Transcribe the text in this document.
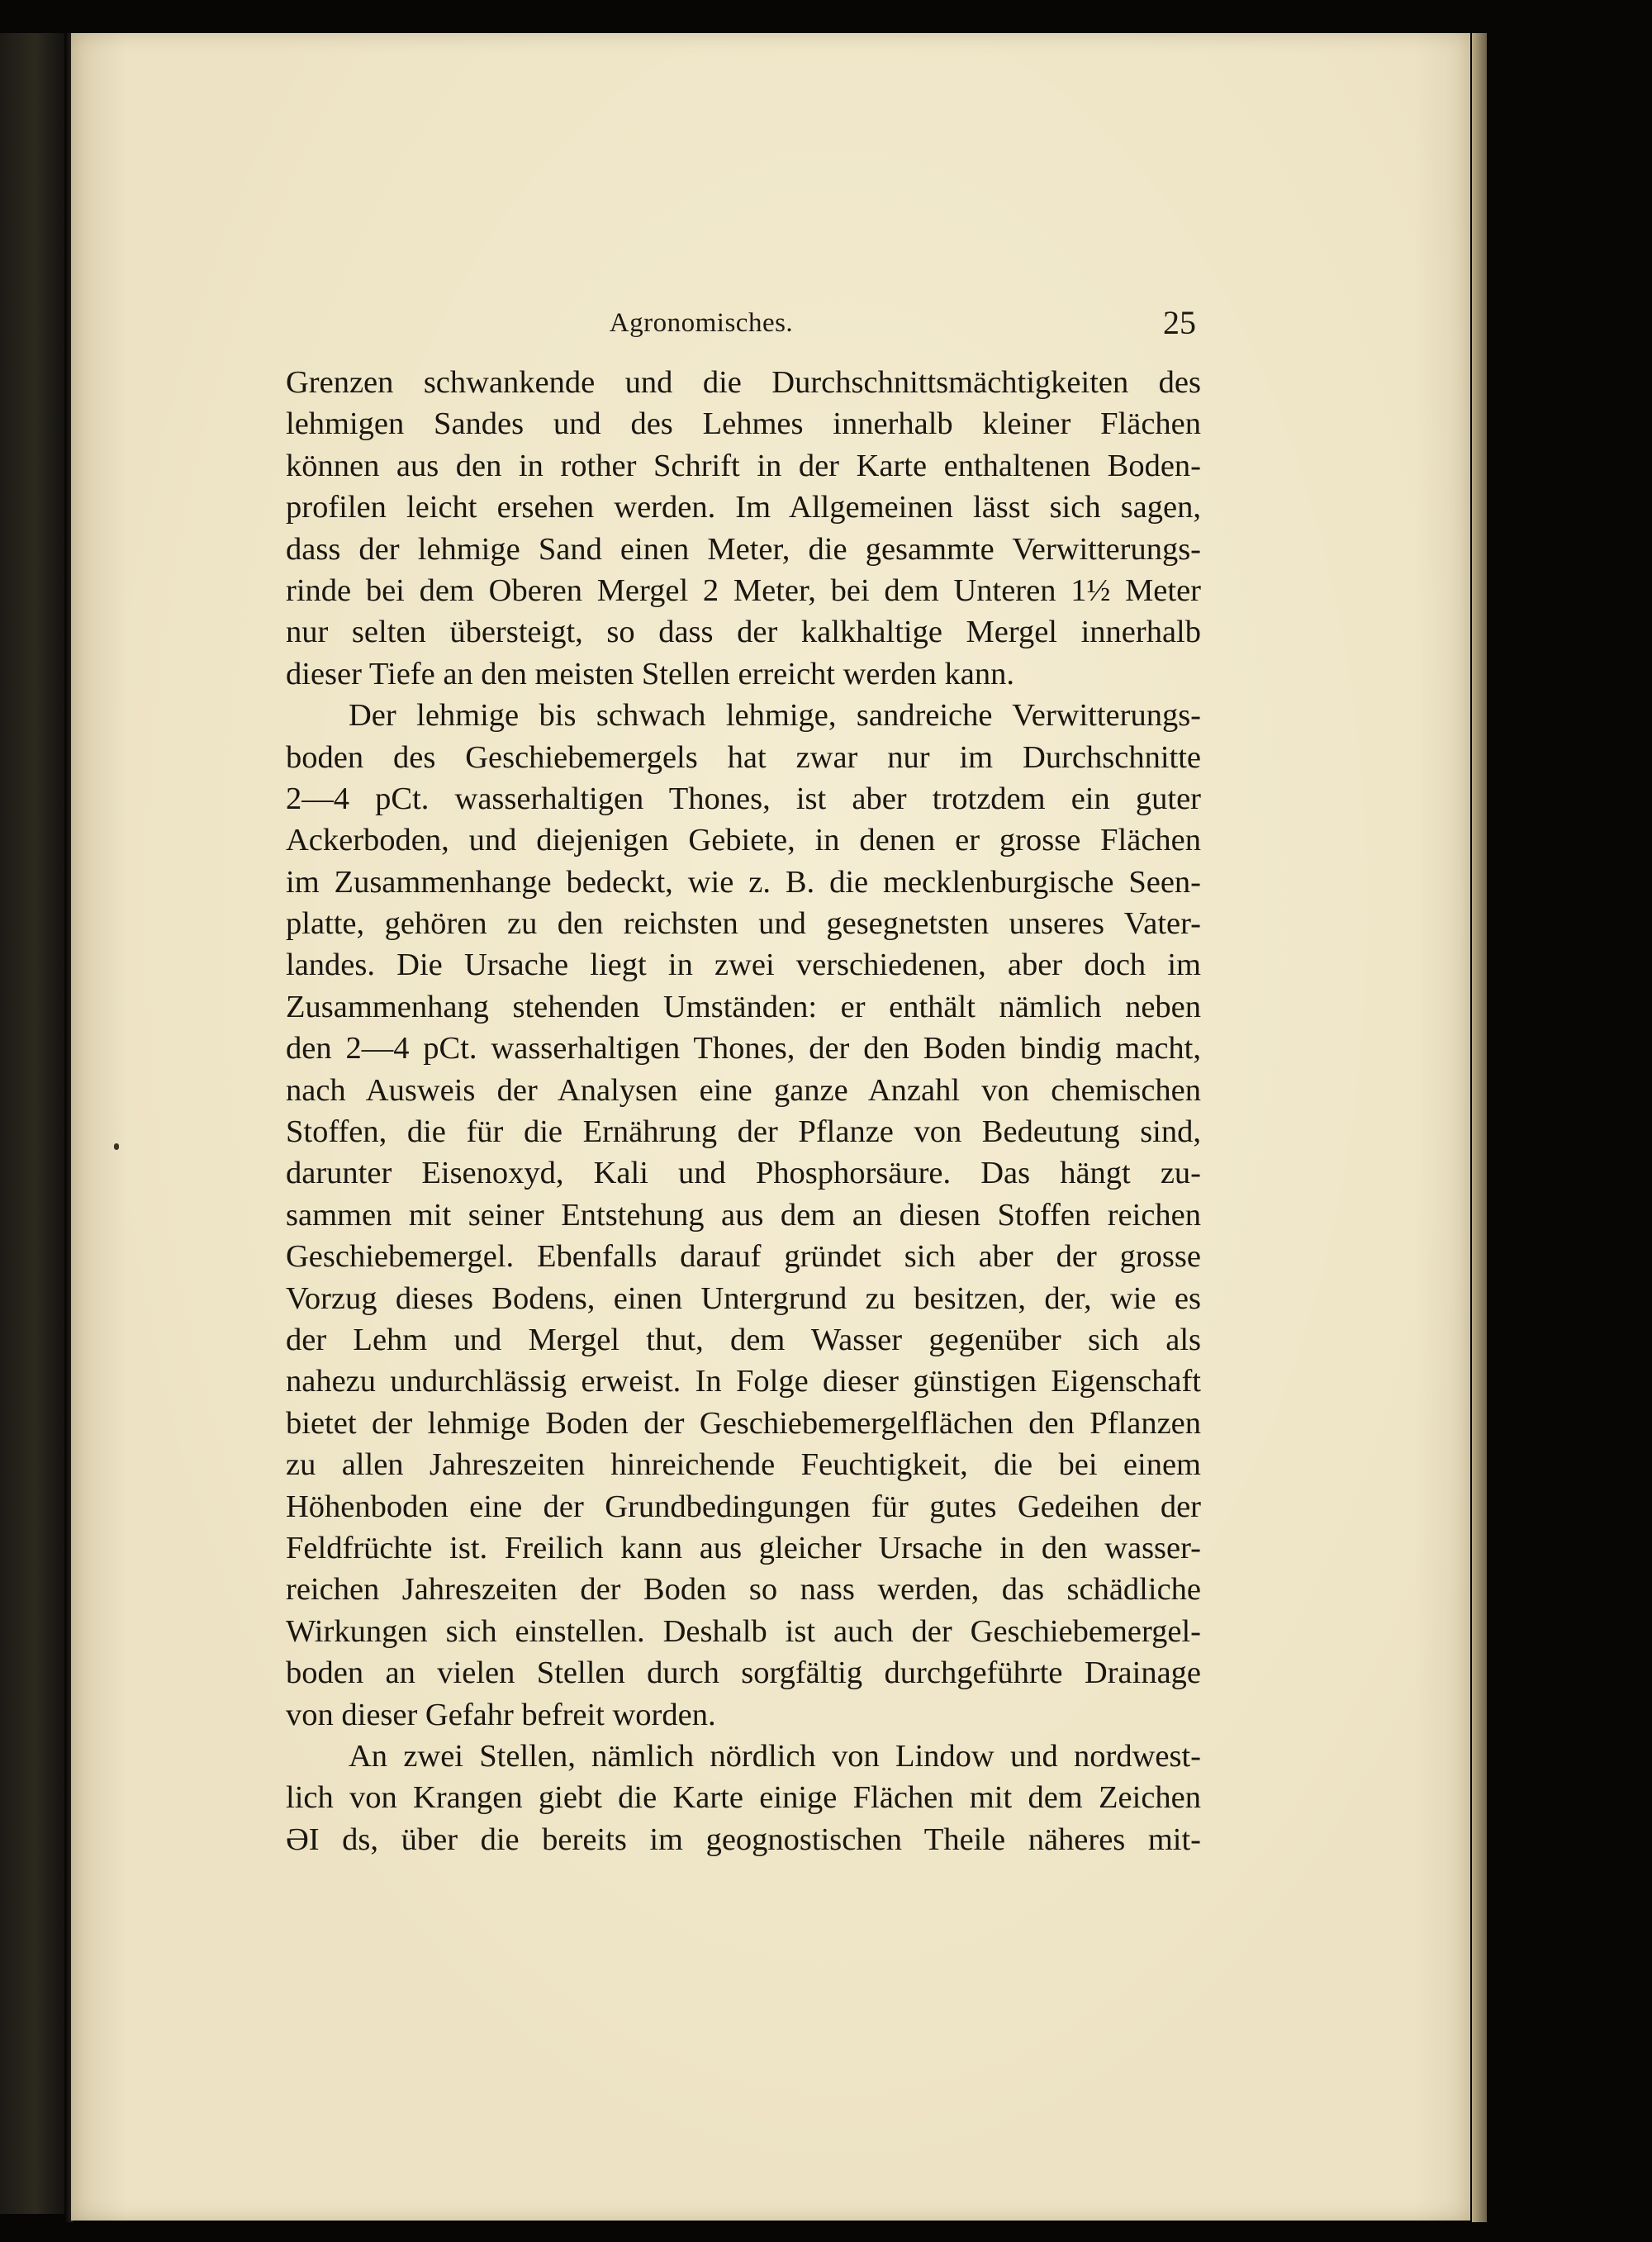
Agronomisches.	25
Grenzen schwankende und die Durchschnittsmächtigkeiten des
lehmigen Sandes und des Lehmes innerhalb kleiner Flächen
können aus den in rother Schrift in der Karte enthaltenen Boden-
profilen leicht ersehen werden. Im Allgemeinen lässt sich sagen,
dass der lehmige Sand einen Meter, die gesammte Verwitterungs-
rinde bei dem Oberen Mergel 2 Meter, bei dem Unteren 1½ Meter
nur selten übersteigt, so dass der kalkhaltige Mergel innerhalb
dieser Tiefe an den meisten Stellen erreicht werden kann.
Der lehmige bis schwach lehmige, sandreiche Verwitterungs-
boden des Geschiebemergels hat zwar nur im Durchschnitte
2—4 pCt. wasserhaltigen Thones, ist aber trotzdem ein guter
Ackerboden, und diejenigen Gebiete, in denen er grosse Flächen
im Zusammenhange bedeckt, wie z. B. die mecklenburgische Seen-
platte, gehören zu den reichsten und gesegnetsten unseres Vater-
landes. Die Ursache liegt in zwei verschiedenen, aber doch im
Zusammenhang stehenden Umständen: er enthält nämlich neben
den 2—4 pCt. wasserhaltigen Thones, der den Boden bindig macht,
nach Ausweis der Analysen eine ganze Anzahl von chemischen
Stoffen, die für die Ernährung der Pflanze von Bedeutung sind,
darunter Eisenoxyd, Kali und Phosphorsäure. Das hängt zu-
sammen mit seiner Entstehung aus dem an diesen Stoffen reichen
Geschiebemergel. Ebenfalls darauf gründet sich aber der grosse
Vorzug dieses Bodens, einen Untergrund zu besitzen, der, wie es
der Lehm und Mergel thut, dem Wasser gegenüber sich als
nahezu undurchlässig erweist. In Folge dieser günstigen Eigenschaft
bietet der lehmige Boden der Geschiebemergelflächen den Pflanzen
zu allen Jahreszeiten hinreichende Feuchtigkeit, die bei einem
Höhenboden eine der Grundbedingungen für gutes Gedeihen der
Feldfrüchte ist. Freilich kann aus gleicher Ursache in den wasser-
reichen Jahreszeiten der Boden so nass werden, das schädliche
Wirkungen sich einstellen. Deshalb ist auch der Geschiebemergel-
boden an vielen Stellen durch sorgfältig durchgeführte Drainage
von dieser Gefahr befreit worden.
An zwei Stellen, nämlich nördlich von Lindow und nordwest-
lich von Krangen giebt die Karte einige Flächen mit dem Zeichen
ƏI ds, über die bereits im geognostischen Theile näheres mit-
